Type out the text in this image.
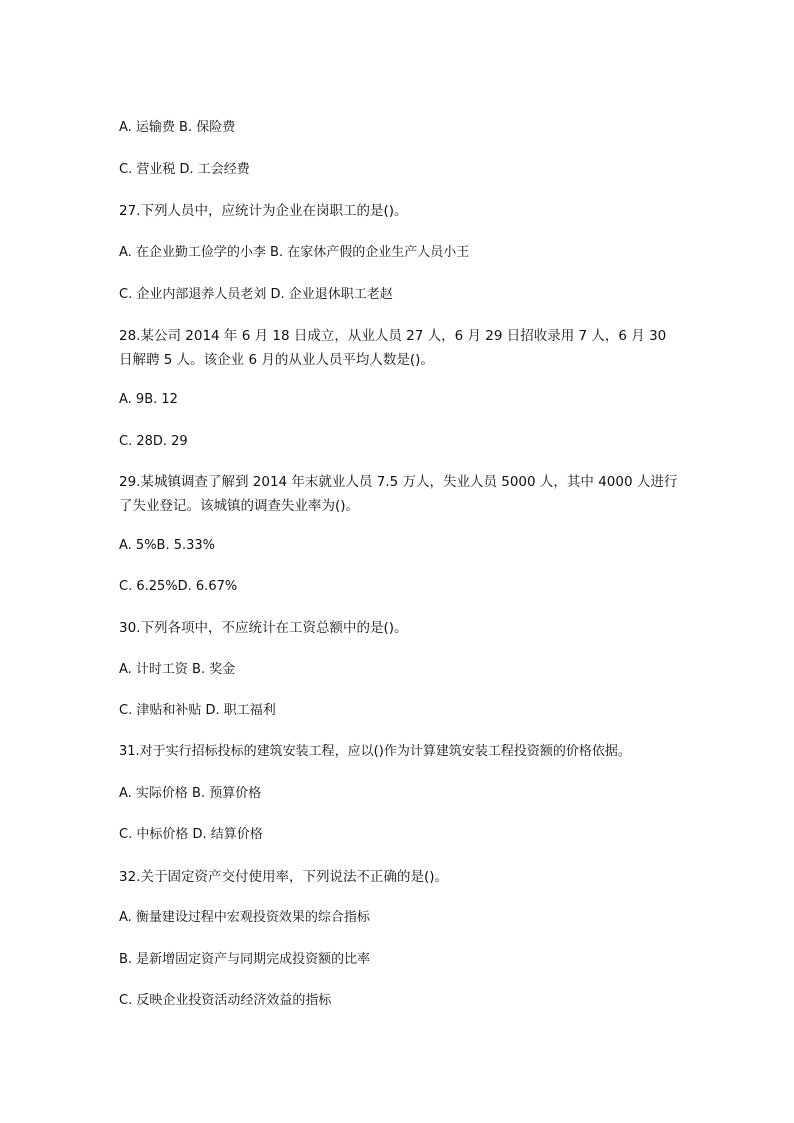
A. 运输费 B. 保险费
C. 营业税 D. 工会经费
27.下列人员中，应统计为企业在岗职工的是()。
A. 在企业勤工俭学的小李 B. 在家休产假的企业生产人员小王
C. 企业内部退养人员老刘 D. 企业退休职工老赵
28.某公司 2014 年 6 月 18 日成立，从业人员 27 人，6 月 29 日招收录用 7 人，6 月 30 日解聘 5 人。该企业 6 月的从业人员平均人数是()。
A. 9B. 12
C. 28D. 29
29.某城镇调查了解到 2014 年末就业人员 7.5 万人，失业人员 5000 人，其中 4000 人进行了失业登记。该城镇的调查失业率为()。
A. 5%B. 5.33%
C. 6.25%D. 6.67%
30.下列各项中，不应统计在工资总额中的是()。
A. 计时工资 B. 奖金
C. 津贴和补贴 D. 职工福利
31.对于实行招标投标的建筑安装工程，应以()作为计算建筑安装工程投资额的价格依据。
A. 实际价格 B. 预算价格
C. 中标价格 D. 结算价格
32.关于固定资产交付使用率，下列说法不正确的是()。
A. 衡量建设过程中宏观投资效果的综合指标
B. 是新增固定资产与同期完成投资额的比率
C. 反映企业投资活动经济效益的指标
